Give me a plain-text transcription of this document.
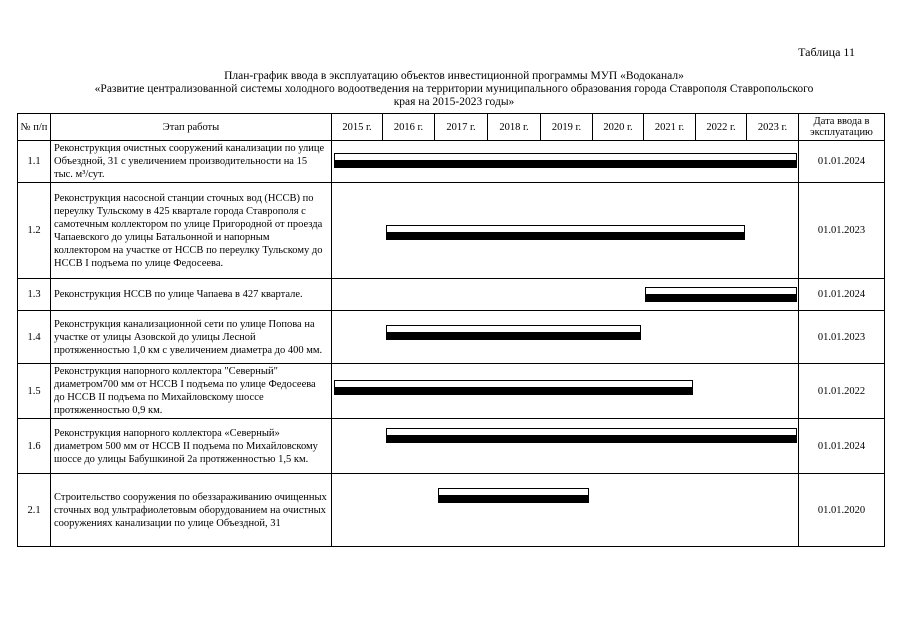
Таблица 11
План-график ввода в эксплуатацию объектов инвестиционной программы МУП «Водоканал»
«Развитие централизованной системы холодного водоотведения на территории муниципального образования города Ставрополя Ставропольского
края на 2015-2023 годы»
№ п/п	Этап работы	2015 г.	2016 г.	2017 г.	2018 г.	2019 г.	2020 г.	2021 г.	2022 г.	2023 г.	Дата ввода в эксплуатацию
1.1	Реконструкция очистных сооружений канализации по улице Объездной, 31 с увеличением производительности на 15 тыс. м³/сут.										01.01.2024
1.2	Реконструкция насосной станции сточных вод (НССВ) по переулку Тульскому в 425 квартале города Ставрополя с самотечным коллектором по улице Пригородной от проезда Чапаевского до улицы Батальонной и напорным коллектором на участке от НССВ по переулку Тульскому до НССВ I подъема по улице Федосеева.										01.01.2023
1.3	Реконструкция НССВ по улице Чапаева в 427 квартале.										01.01.2024
1.4	Реконструкция канализационной сети по улице Попова на участке от улицы Азовской до улицы Лесной протяженностью 1,0 км с увеличением диаметра до 400 мм.										01.01.2023
1.5	Реконструкция напорного коллектора "Северный" диаметром700 мм от НССВ I подъема по улице Федосеева до НССВ II подъема по Михайловскому шоссе протяженностью 0,9 км.										01.01.2022
1.6	Реконструкция напорного коллектора «Северный» диаметром 500 мм от НССВ II подъема по Михайловскому шоссе до улицы Бабушкиной 2а протяженностью 1,5 км.										01.01.2024
2.1	Строительство сооружения по обеззараживанию очищенных сточных вод ультрафиолетовым оборудованием на очистных сооружениях канализации по улице Объездной, 31										01.01.2020
